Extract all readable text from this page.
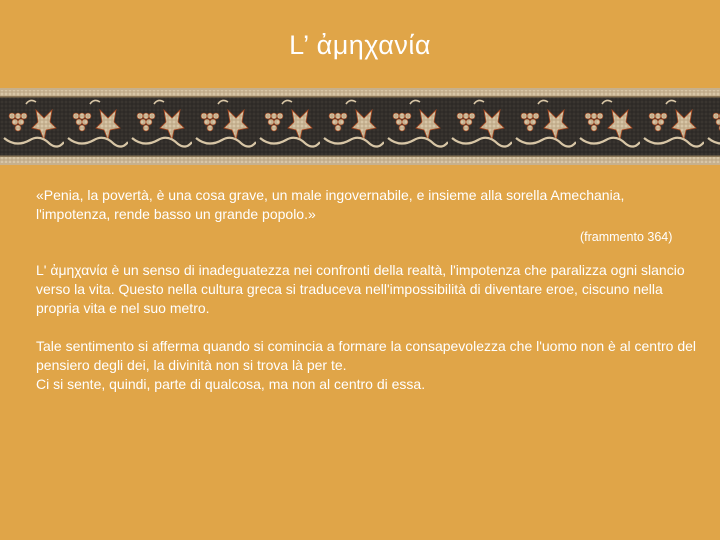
L’ ἀμηχανία
«Penia, la povertà, è una cosa grave, un male ingovernabile, e insieme alla sorella Amechania, l'impotenza, rende basso un grande popolo.»
(frammento 364)
L' ἀμηχανία è un senso di inadeguatezza nei confronti della realtà, l'impotenza che paralizza ogni slancio verso la vita. Questo nella cultura greca si traduceva nell'impossibilità di diventare eroe, ciscuno nella propria vita e nel suo metro.
Tale sentimento si afferma quando si comincia a formare la consapevolezza che l'uomo non è al centro del pensiero degli dei, la divinità non si trova là per te.
Ci si sente, quindi, parte di qualcosa, ma non al centro di essa.
